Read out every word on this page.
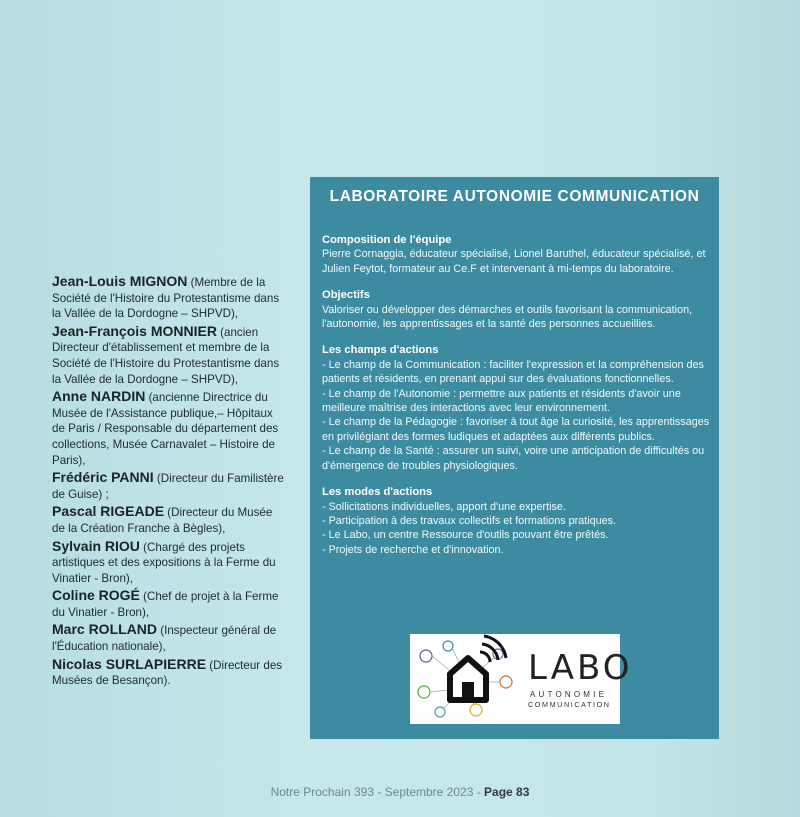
Jean-Louis MIGNON (Membre de la Société de l'Histoire du Protestantisme dans la Vallée de la Dordogne – SHPVD),

Jean-François MONNIER (ancien Directeur d'établissement et membre de la Société de l'Histoire du Protestantisme dans la Vallée de la Dordogne – SHPVD),

Anne NARDIN (ancienne Directrice du Musée de l'Assistance publique,– Hôpitaux de Paris / Responsable du département des collections, Musée Carnavalet – Histoire de Paris),

Frédéric PANNI (Directeur du Familistère de Guise) ;

Pascal RIGEADE (Directeur du Musée de la Création Franche à Bègles),

Sylvain RIOU (Chargé des projets artistiques et des expositions à la Ferme du Vinatier - Bron),

Coline ROGÉ (Chef de projet à la Ferme du Vinatier - Bron),

Marc ROLLAND (Inspecteur général de l'Éducation nationale),

Nicolas SURLAPIERRE (Directeur des Musées de Besançon).

LABORATOIRE AUTONOMIE COMMUNICATION
Composition de l'équipe

Pierre Cornaggia, éducateur spécialisé, Lionel Baruthel, éducateur spécialisé, et Julien Feytot, formateur au Ce.F et intervenant à mi-temps du laboratoire.

Objectifs

Valoriser ou développer des démarches et outils favorisant la communication, l'autonomie, les apprentissages et la santé des personnes accueillies.

Les champs d'actions
- Le champ de la Communication : faciliter l'expression et la compréhension des patients et résidents, en prenant appui sur des évaluations fonctionnelles.
- Le champ de l'Autonomie : permettre aux patients et résidents d'avoir une meilleure maîtrise des interactions avec leur environnement.
- Le champ de la Pédagogie : favoriser à tout âge la curiosité, les apprentissages en privilégiant des formes ludiques et adaptées aux différents publics.
- Le champ de la Santé : assurer un suivi, voire une anticipation de difficultés ou d'émergence de troubles physiologiques.
Les modes d'actions
- Sollicitations individuelles, apport d'une expertise.
- Participation à des travaux collectifs et formations pratiques.
- Le Labo, un centre Ressource d'outils pouvant être prêtés.
- Projets de recherche et d'innovation.
LABO
AUTONOMIE
COMMUNICATION
Notre Prochain 393 - Septembre 2023 - Page 83
